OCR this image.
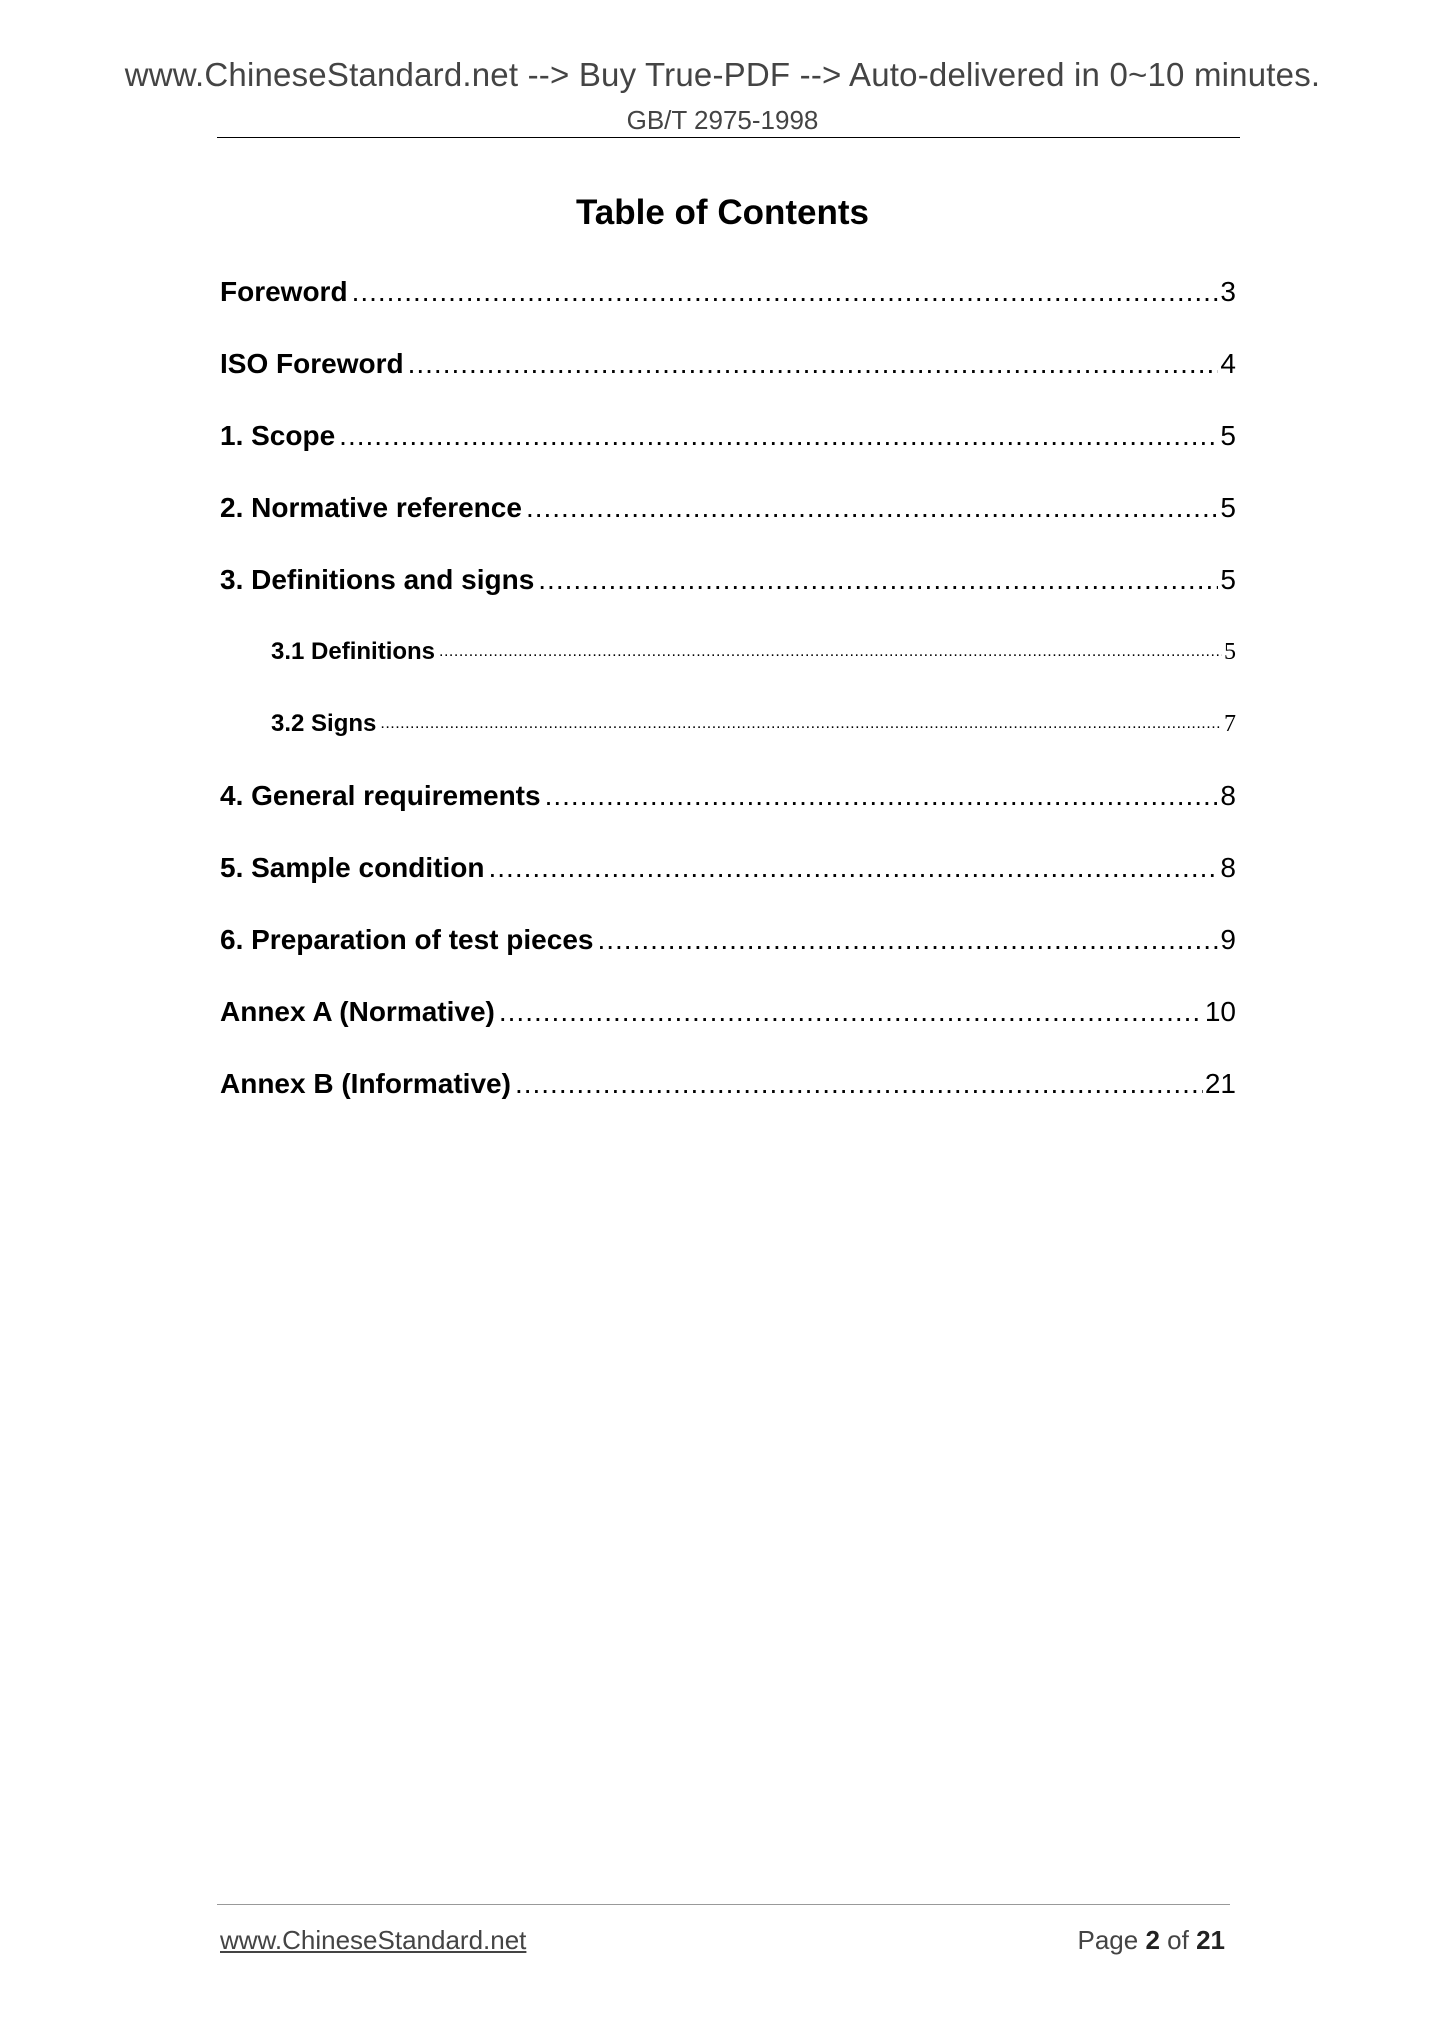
www.ChineseStandard.net --> Buy True-PDF --> Auto-delivered in 0~10 minutes.
GB/T 2975-1998
Table of Contents
Foreword .....	3
ISO Foreword .....	4
1. Scope .....	5
2. Normative reference .....	5
3. Definitions and signs .....	5
3.1 Definitions .....	5
3.2 Signs .....	7
4. General requirements .....	8
5. Sample condition .....	8
6. Preparation of test pieces .....	9
Annex A (Normative) .....	10
Annex B (Informative) .....	21
www.ChineseStandard.net	Page 2 of 21
